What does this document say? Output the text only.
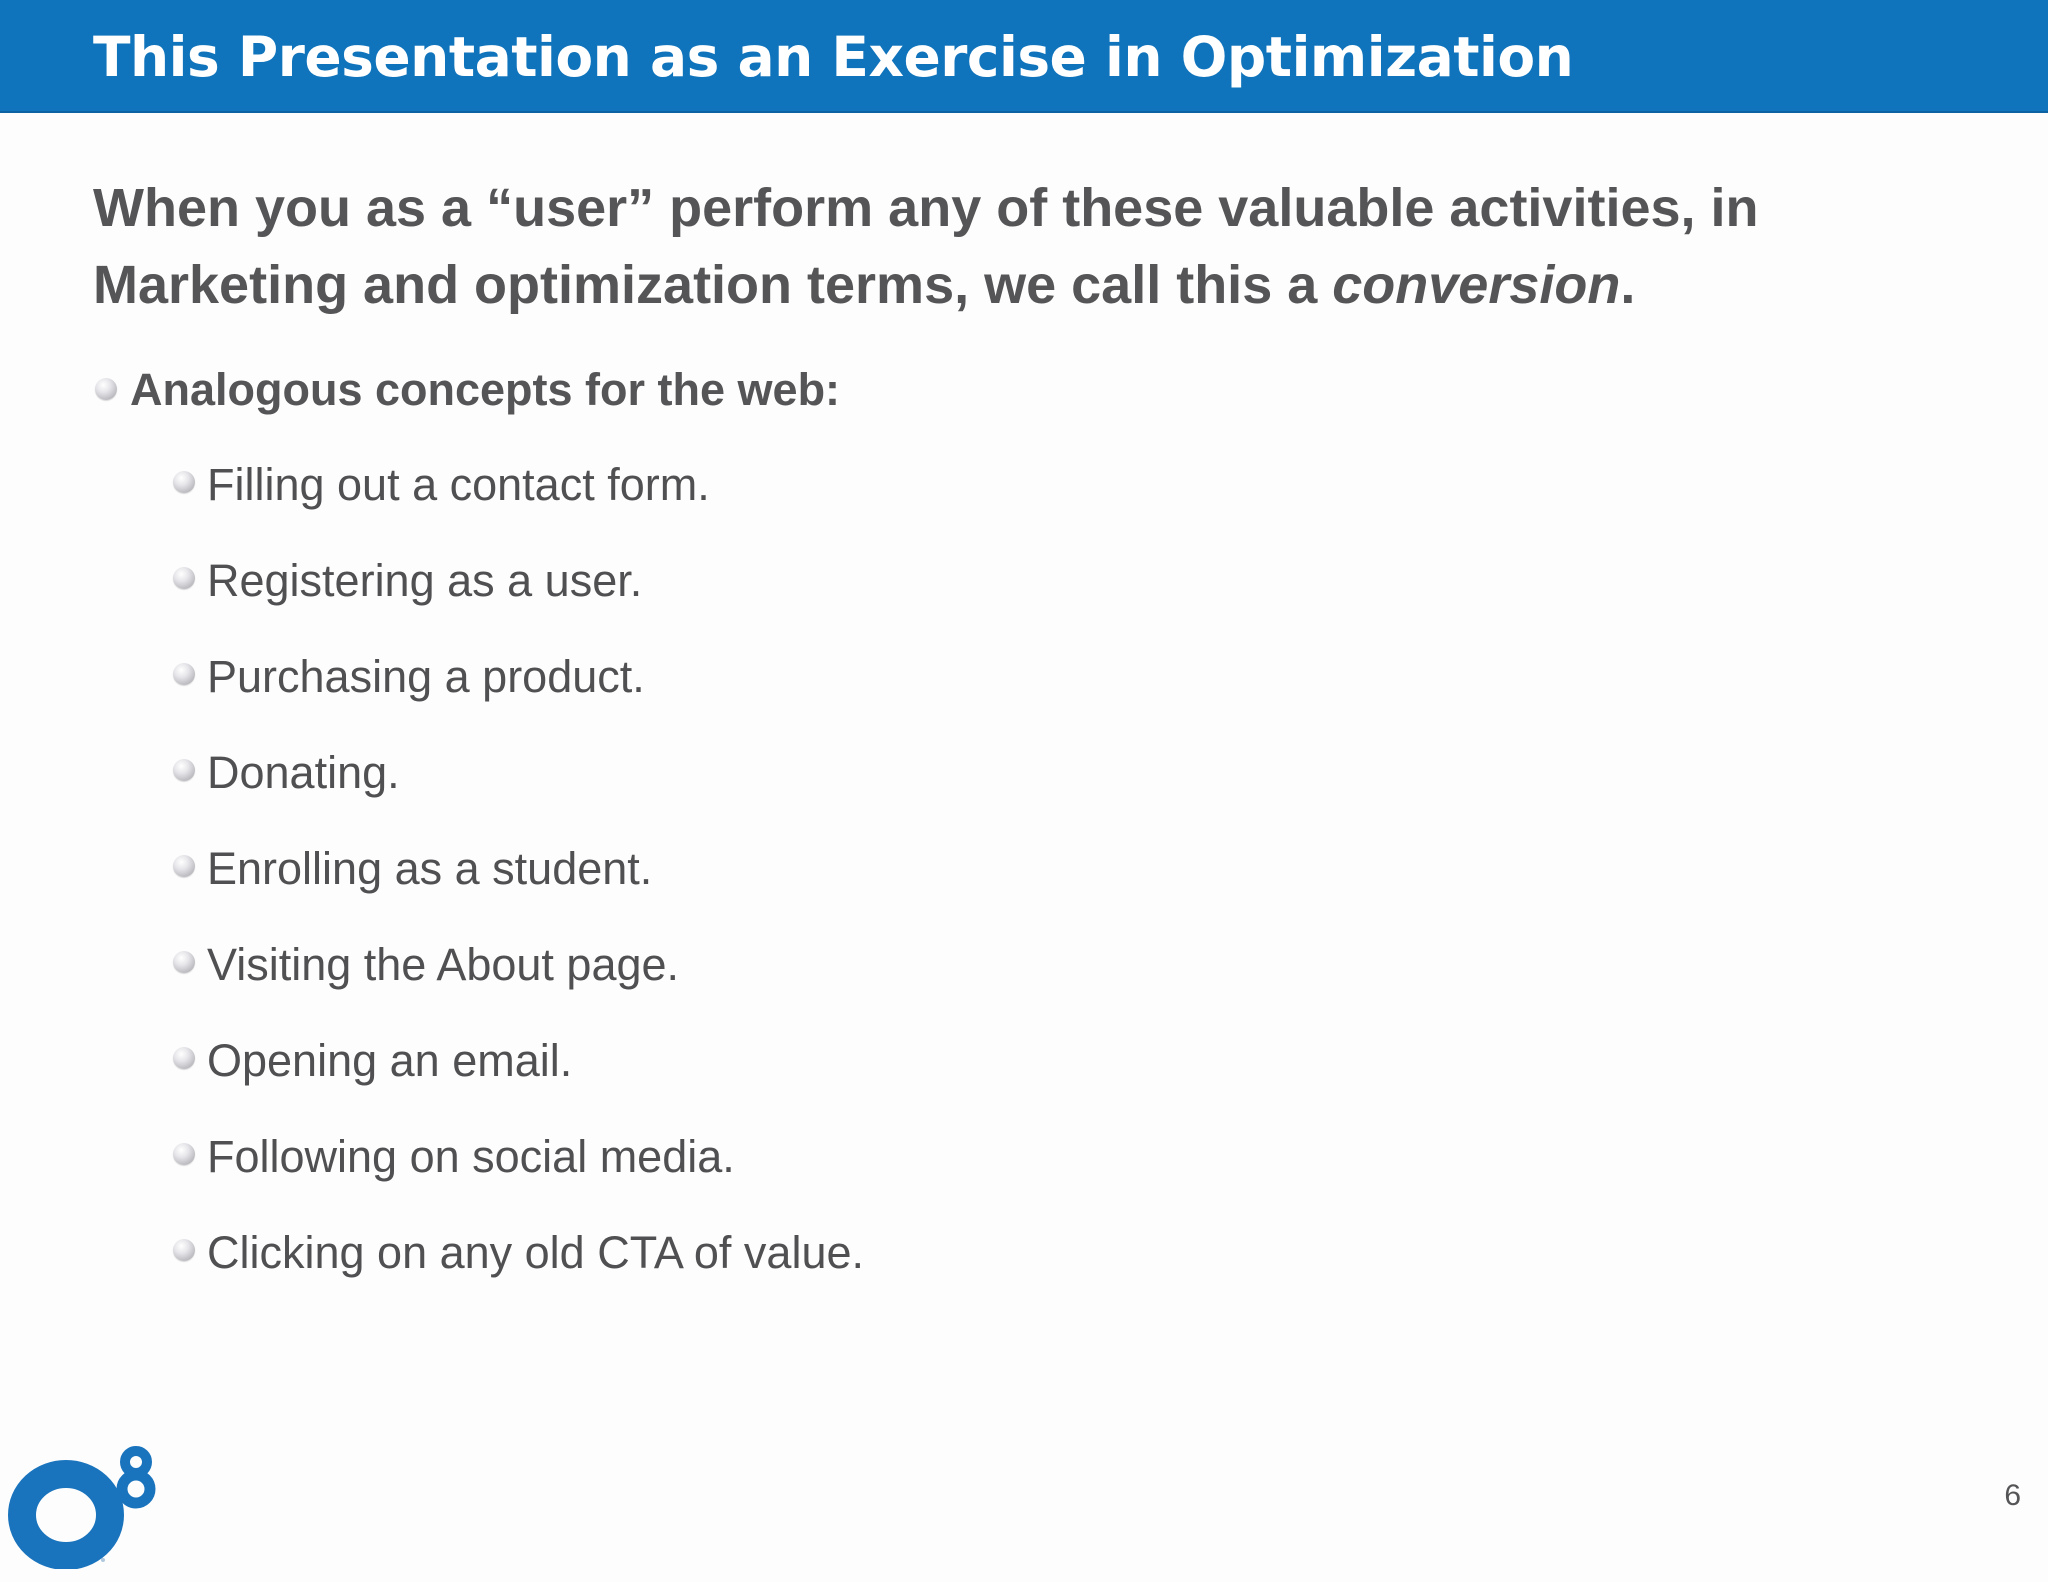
This Presentation as an Exercise in Optimization

When you as a “user” perform any of these valuable activities, in Marketing and optimization terms, we call this a conversion.

Analogous concepts for the web:
Filling out a contact form.
Registering as a user.
Purchasing a product.
Donating.
Enrolling as a student.
Visiting the About page.
Opening an email.
Following on social media.
Clicking on any old CTA of value.
6
